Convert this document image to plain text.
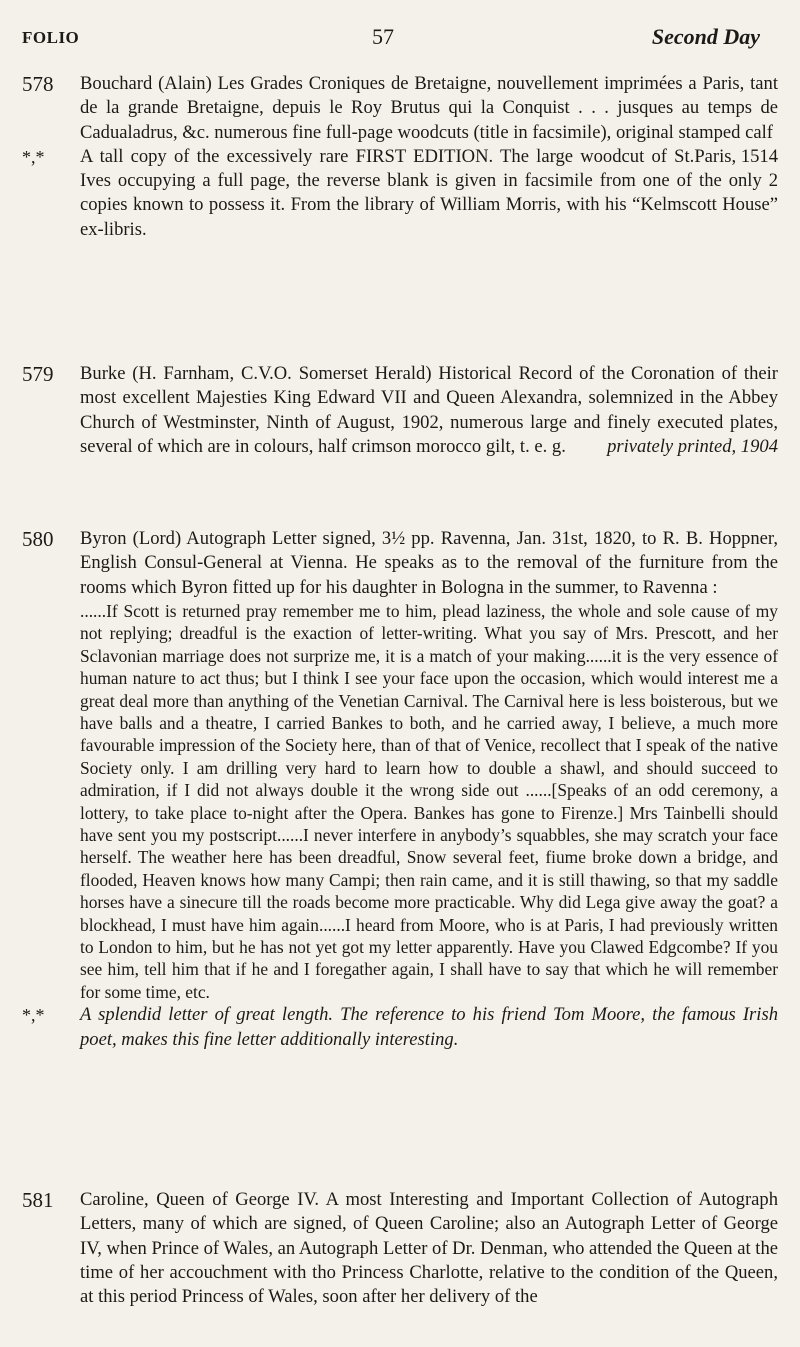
FOLIO	57	Second Day
578	Bouchard (Alain) Les Grades Croniques de Bretaigne, nouvellement imprimées a Paris, tant de la grande Bretaigne, depuis le Roy Brutus qui la Conquist . . . jusques au temps de Cadualadrus, &c. numerous fine full-page woodcuts (title in facsimile), original stamped calf
Paris, 1514

*,*	A tall copy of the excessively rare FIRST EDITION. The large woodcut of St. Ives occupying a full page, the reverse blank is given in facsimile from one of the only 2 copies known to possess it. From the library of William Morris, with his “Kelmscott House” ex-libris.

579	Burke (H. Farnham, C.V.O. Somerset Herald) Historical Record of the Coronation of their most excellent Majesties King Edward VII and Queen Alexandra, solemnized in the Abbey Church of Westminster, Ninth of August, 1902, numerous large and finely executed plates, several of which are in colours, half crimson morocco gilt, t. e. g. privately printed, 1904

580	Byron (Lord) Autograph Letter signed, 3½ pp. Ravenna, Jan. 31st, 1820, to R. B. Hoppner, English Consul-General at Vienna. He speaks as to the removal of the furniture from the rooms which Byron fitted up for his daughter in Bologna in the summer, to Ravenna :

......If Scott is returned pray remember me to him, plead laziness, the whole and sole cause of my not replying; dreadful is the exaction of letter-writing. What you say of Mrs. Prescott, and her Sclavonian marriage does not surprize me, it is a match of your making......it is the very essence of human nature to act thus; but I think I see your face upon the occasion, which would interest me a great deal more than anything of the Venetian Carnival. The Carnival here is less boisterous, but we have balls and a theatre, I carried Bankes to both, and he carried away, I believe, a much more favourable impression of the Society here, than of that of Venice, recollect that I speak of the native Society only. I am drilling very hard to learn how to double a shawl, and should succeed to admiration, if I did not always double it the wrong side out ......[Speaks of an odd ceremony, a lottery, to take place to-night after the Opera. Bankes has gone to Firenze.] Mrs Tainbelli should have sent you my postscript......I never interfere in anybody’s squabbles, she may scratch your face herself. The weather here has been dreadful, Snow several feet, fiume broke down a bridge, and flooded, Heaven knows how many Campi; then rain came, and it is still thawing, so that my saddle horses have a sinecure till the roads become more practicable. Why did Lega give away the goat? a blockhead, I must have him again......I heard from Moore, who is at Paris, I had previously written to London to him, but he has not yet got my letter apparently. Have you Clawed Edgcombe? If you see him, tell him that if he and I foregather again, I shall have to say that which he will remember for some time, etc.

*,*	A splendid letter of great length. The reference to his friend Tom Moore, the famous Irish poet, makes this fine letter additionally interesting.

581	Caroline, Queen of George IV. A most Interesting and Important Collection of Autograph Letters, many of which are signed, of Queen Caroline; also an Autograph Letter of George IV, when Prince of Wales, an Autograph Letter of Dr. Denman, who attended the Queen at the time of her accouchment with tho Princess Charlotte, relative to the condition of the Queen, at this period Princess of Wales, soon after her delivery of the
